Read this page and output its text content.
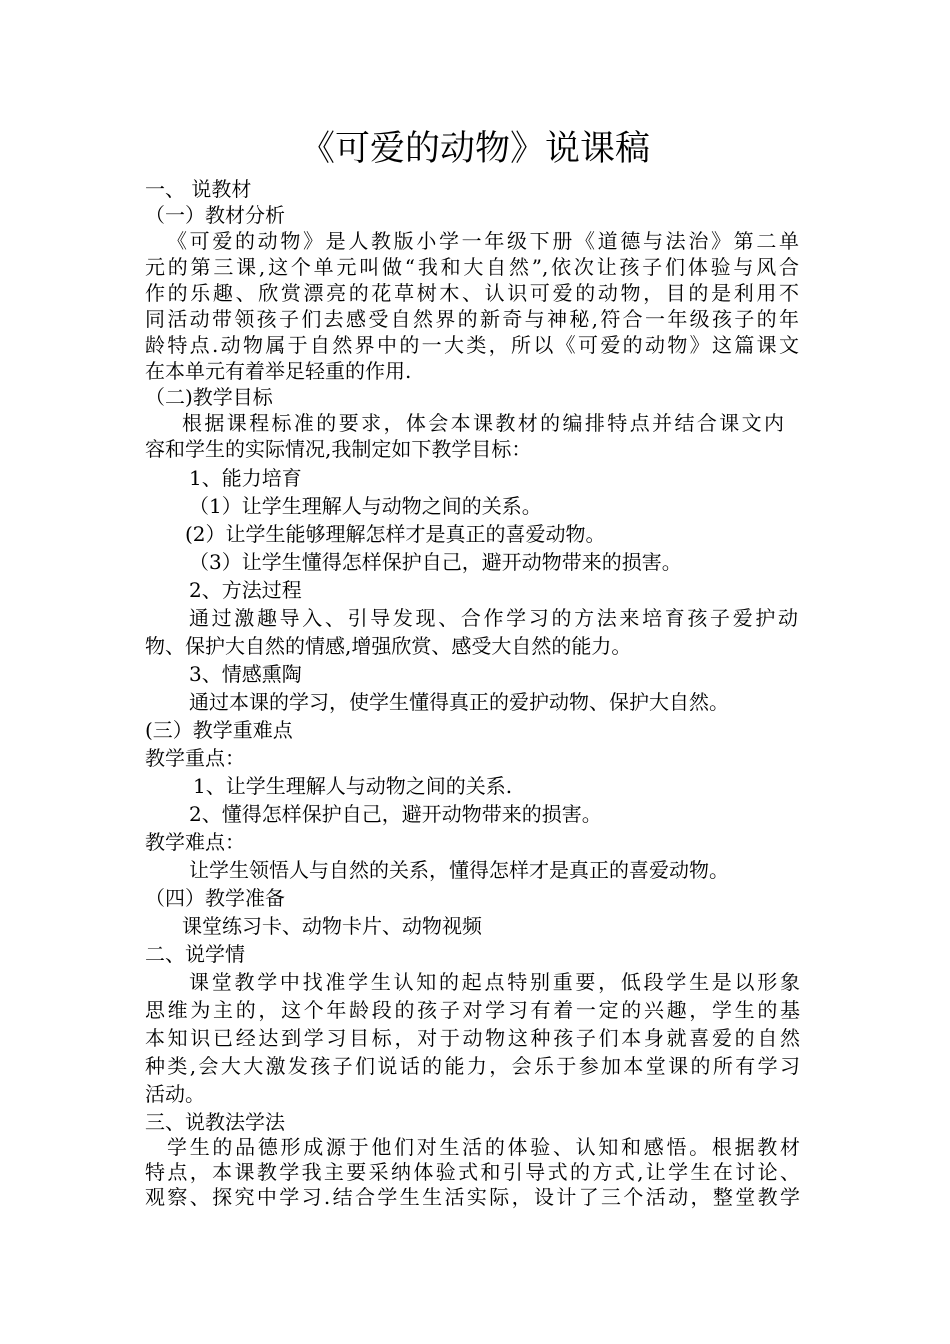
《可爱的动物》说课稿
一、 说教材
（一）教材分析
《可爱的动物》是人教版小学一年级下册《道德与法治》第二单
元的第三课,这个单元叫做“我和大自然”,依次让孩子们体验与风合
作的乐趣、欣赏漂亮的花草树木、认识可爱的动物，目的是利用不
同活动带领孩子们去感受自然界的新奇与神秘,符合一年级孩子的年
龄特点.动物属于自然界中的一大类，所以《可爱的动物》这篇课文
在本单元有着举足轻重的作用.
（二)教学目标
根据课程标准的要求，体会本课教材的编排特点并结合课文内
容和学生的实际情况,我制定如下教学目标：
1、能力培育
（1）让学生理解人与动物之间的关系。
(2）让学生能够理解怎样才是真正的喜爱动物。
（3）让学生懂得怎样保护自己，避开动物带来的损害。
2、方法过程
通过激趣导入、引导发现、合作学习的方法来培育孩子爱护动
物、保护大自然的情感,增强欣赏、感受大自然的能力。
3、情感熏陶
通过本课的学习，使学生懂得真正的爱护动物、保护大自然。
(三）教学重难点
教学重点：
1、让学生理解人与动物之间的关系.
2、懂得怎样保护自己，避开动物带来的损害。
教学难点：
让学生领悟人与自然的关系，懂得怎样才是真正的喜爱动物。
（四）教学准备
课堂练习卡、动物卡片、动物视频
二、说学情
课堂教学中找准学生认知的起点特别重要，低段学生是以形象
思维为主的，这个年龄段的孩子对学习有着一定的兴趣，学生的基
本知识已经达到学习目标，对于动物这种孩子们本身就喜爱的自然
种类,会大大激发孩子们说话的能力，会乐于参加本堂课的所有学习
活动。
三、说教法学法
学生的品德形成源于他们对生活的体验、认知和感悟。根据教材
特点，本课教学我主要采纳体验式和引导式的方式,让学生在讨论、
观察、探究中学习.结合学生生活实际，设计了三个活动，整堂教学
